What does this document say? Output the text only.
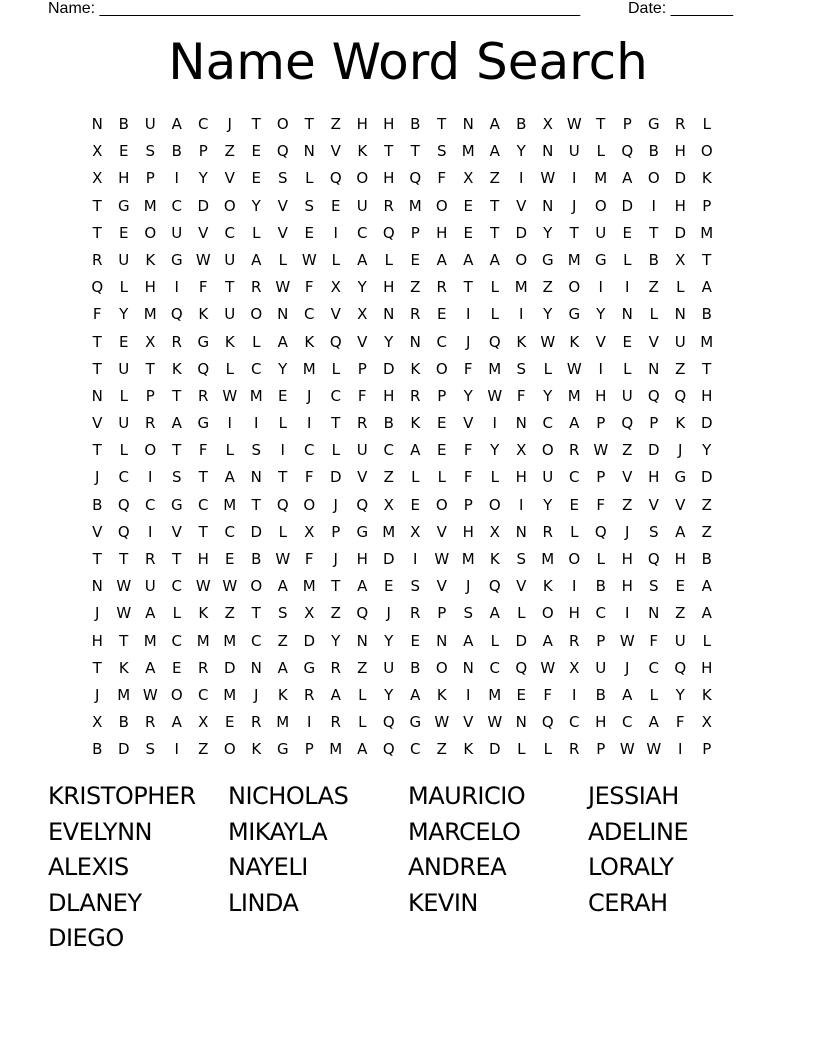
Name: ______________________________________________________	Date: _______
Name Word Search
N	B	U	A	C	J	T	O	T	Z	H	H	B	T	N	A	B	X W T	P	G	R	L
X	E	S	B	P	Z	E	Q N	V	K	T	T	S	M A	Y	N	U	L	Q	B	H O
X	H	P	I	Y	V	E	S	L	Q O H Q	F	X	Z	I	W	I	M A	O D	K
T	G M C	D O	Y	V	S	E	U	R M O	E	T	V	N	J	O D	I	H	P
T	E	O	U	V	C	L	V	E	I	C	Q	P	H	E	T	D	Y	T	U	E	T	D M
R	U	K	G W U	A	L W L	A	L	E	A	A	A	O G M G	L	B	X	T
Q	L	H	I	F	T	R W F	X	Y	H	Z	R	T	L	M Z	O	I	I	Z	L	A
F	Y	M Q	K	U	O N	C	V	X	N	R	E	I	L	I	Y	G	Y	N	L	N	B
T	E	X	R	G	K	L	A	K	Q	V	Y	N	C	J	Q	K W K	V	E	V	U M
T	U	T	K	Q	L	C	Y	M	L	P	D	K	O	F	M	S	L W	I	L	N	Z	T
N	L	P	T	R W M	E	J	C	F	H	R	P	Y W F	Y	M H	U	Q Q H
V	U	R	A	G	I	I	L	I	T	R	B	K	E	V	I	N	C	A	P	Q	P	K	D
T	L	O	T	F	L	S	I	C	L	U	C	A	E	F	Y	X	O	R W Z	D	J	Y
J	C	I	S	T	A	N	T	F	D	V	Z	L	L	F	L	H	U	C	P	V	H	G D
B	Q	C	G	C M	T	Q O	J	Q	X	E	O	P	O	I	Y	E	F	Z	V	V	Z
V	Q	I	V	T	C	D	L	X	P	G M X	V	H	X	N	R	L	Q	J	S	A	Z
T	T	R	T	H	E	B W F	J	H	D	I	W M	K	S	M O	L	H Q H	B
N W U	C W W O	A M	T	A	E	S	V	J	Q	V	K	I	B	H	S	E	A
J	W A	L	K	Z	T	S	X	Z	Q	J	R	P	S	A	L	O H	C	I	N	Z	A
H	T	M C M M C	Z	D	Y	N	Y	E	N	A	L	D	A	R	P W F	U	L
T	K	A	E	R	D	N	A	G	R	Z	U	B	O N	C	Q W X	U	J	C	Q H
J	M W O	C M	J	K	R	A	L	Y	A	K	I	M	E	F	I	B	A	L	Y	K
X	B	R	A	X	E	R M	I	R	L	Q G W V W N Q	C	H	C	A	F	X
B	D	S	I	Z	O	K	G	P	M A	Q	C	Z	K	D	L	L	R	P W W	I	P
KRISTOPHER	NICHOLAS	MAURICIO	JESSIAH
EVELYNN	MIKAYLA	MARCELO	ADELINE
ALEXIS	NAYELI	ANDREA	LORALY
DLANEY	LINDA	KEVIN	CERAH
DIEGO
